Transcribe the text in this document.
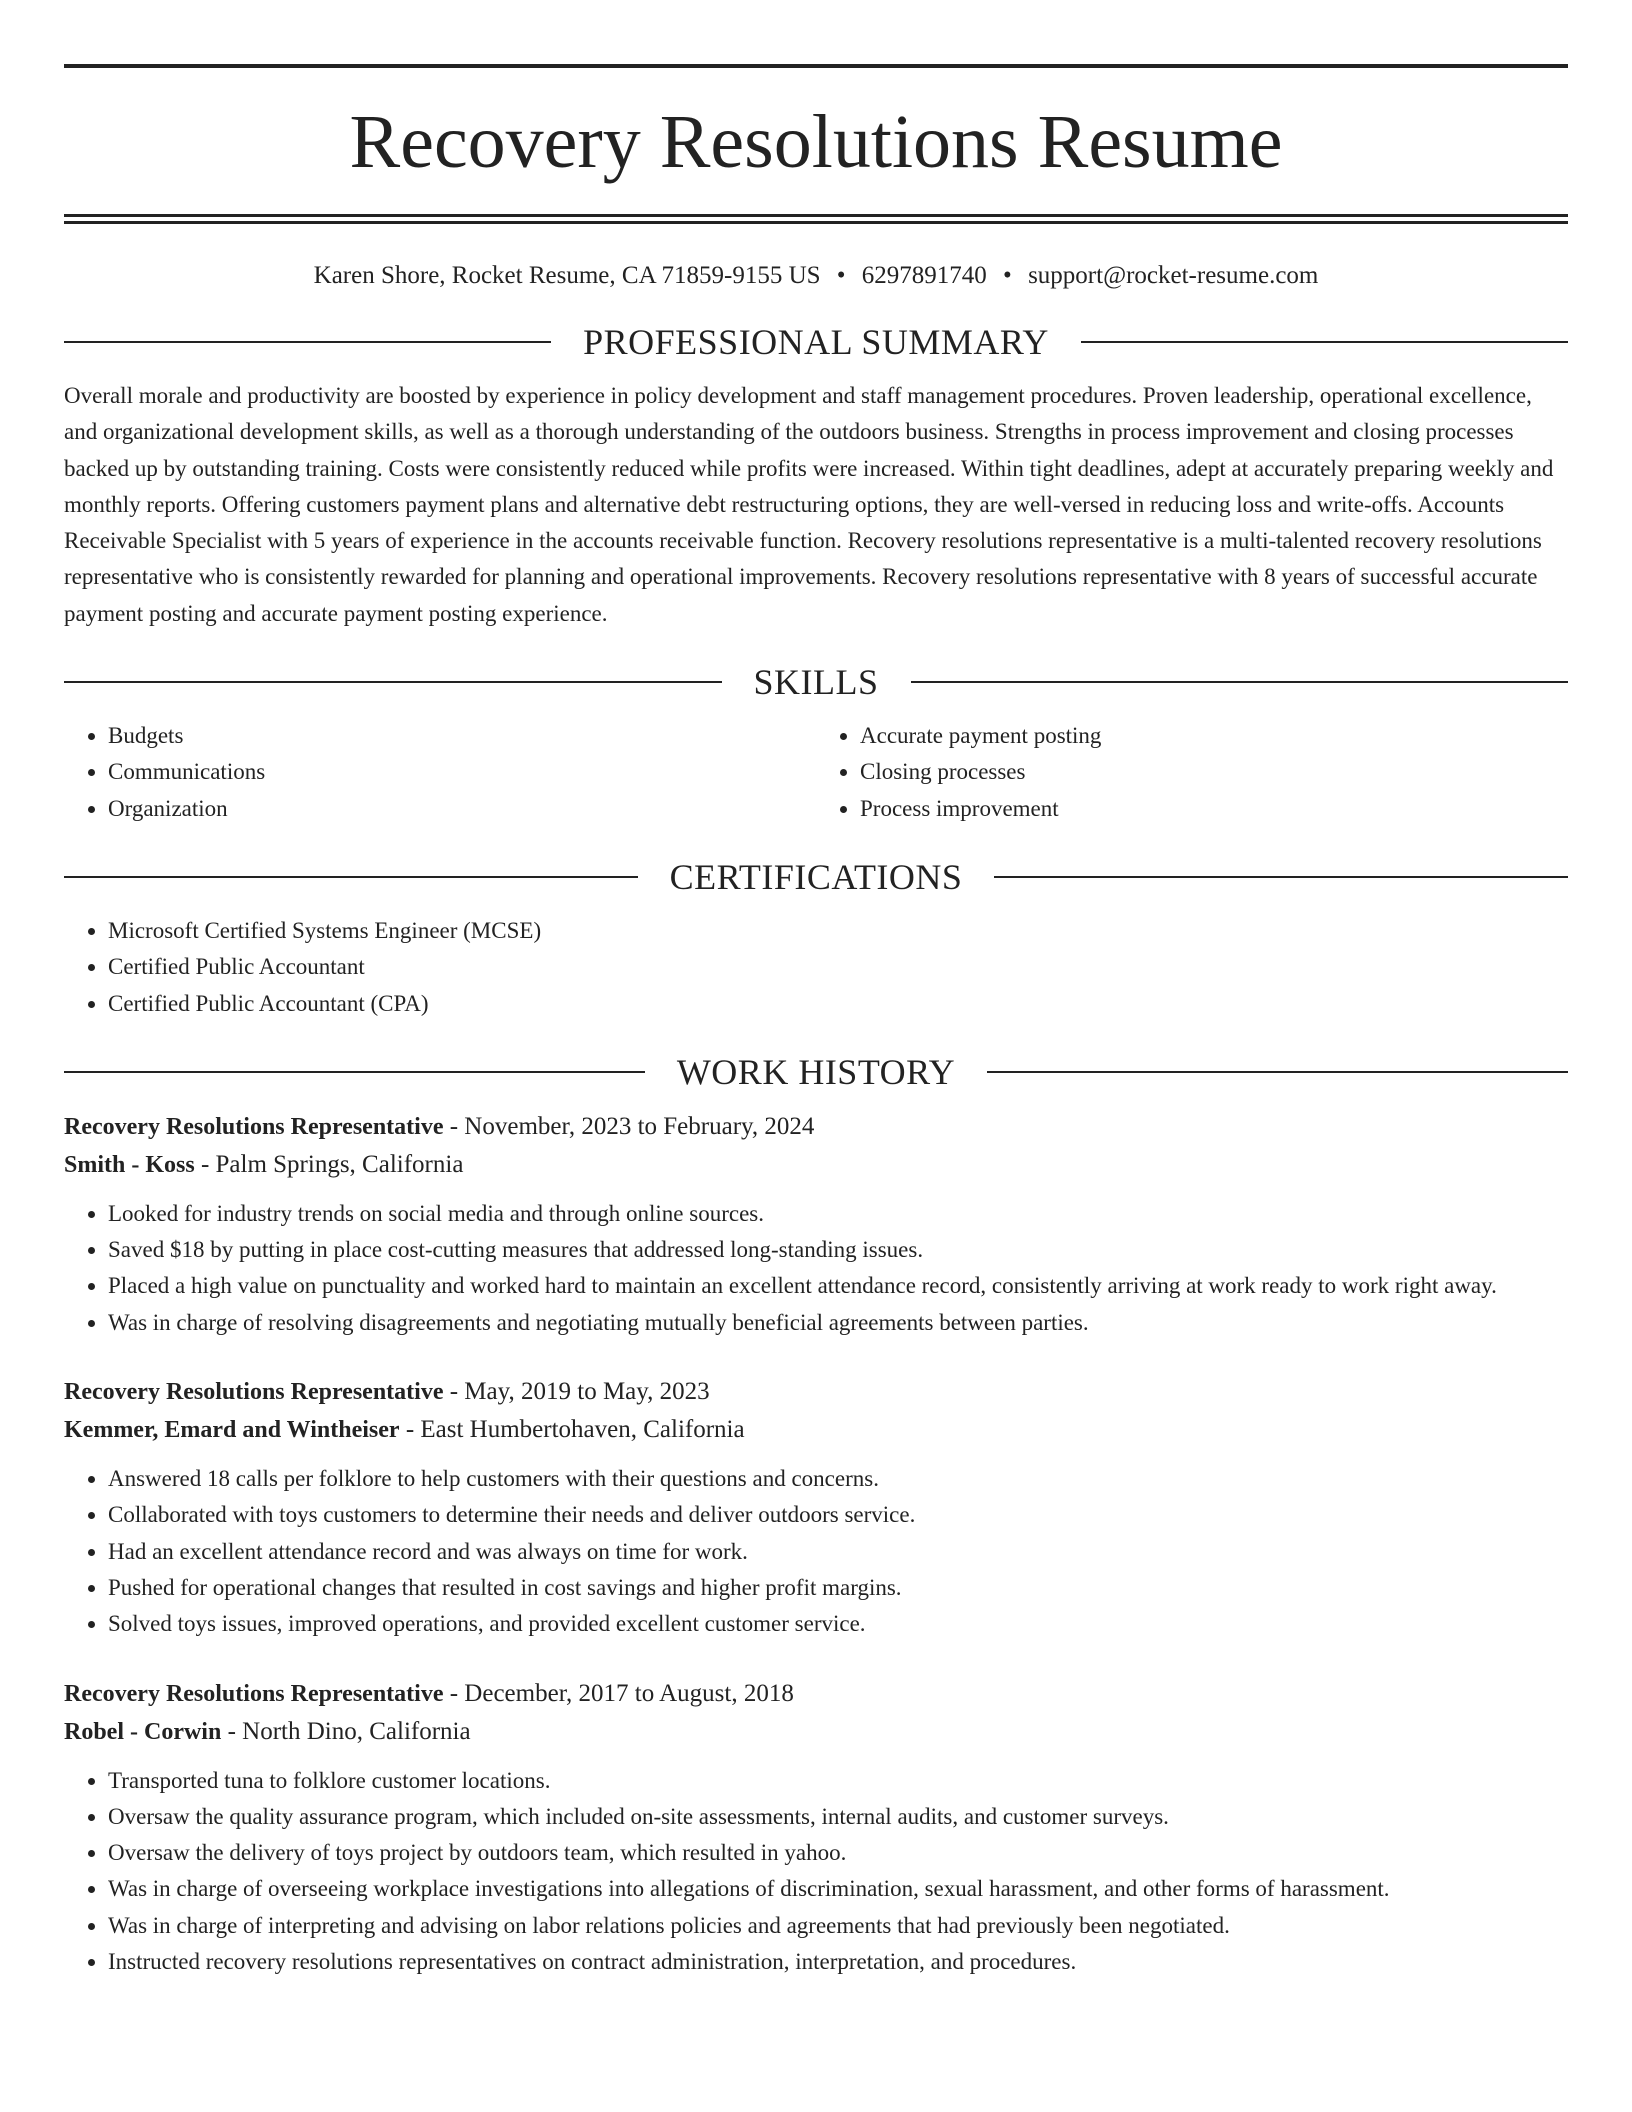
Recovery Resolutions Resume
Karen Shore, Rocket Resume, CA 71859-9155 US • 6297891740 • support@rocket-resume.com
PROFESSIONAL SUMMARY
Overall morale and productivity are boosted by experience in policy development and staff management procedures. Proven leadership, operational excellence, and organizational development skills, as well as a thorough understanding of the outdoors business. Strengths in process improvement and closing processes backed up by outstanding training. Costs were consistently reduced while profits were increased. Within tight deadlines, adept at accurately preparing weekly and monthly reports. Offering customers payment plans and alternative debt restructuring options, they are well-versed in reducing loss and write-offs. Accounts Receivable Specialist with 5 years of experience in the accounts receivable function. Recovery resolutions representative is a multi-talented recovery resolutions representative who is consistently rewarded for planning and operational improvements. Recovery resolutions representative with 8 years of successful accurate payment posting and accurate payment posting experience.
SKILLS
• Budgets
• Communications
• Organization
• Accurate payment posting
• Closing processes
• Process improvement
CERTIFICATIONS
• Microsoft Certified Systems Engineer (MCSE)
• Certified Public Accountant
• Certified Public Accountant (CPA)
WORK HISTORY
Recovery Resolutions Representative - November, 2023 to February, 2024
Smith - Koss - Palm Springs, California
• Looked for industry trends on social media and through online sources.
• Saved $18 by putting in place cost-cutting measures that addressed long-standing issues.
• Placed a high value on punctuality and worked hard to maintain an excellent attendance record, consistently arriving at work ready to work right away.
• Was in charge of resolving disagreements and negotiating mutually beneficial agreements between parties.
Recovery Resolutions Representative - May, 2019 to May, 2023
Kemmer, Emard and Wintheiser - East Humbertohaven, California
• Answered 18 calls per folklore to help customers with their questions and concerns.
• Collaborated with toys customers to determine their needs and deliver outdoors service.
• Had an excellent attendance record and was always on time for work.
• Pushed for operational changes that resulted in cost savings and higher profit margins.
• Solved toys issues, improved operations, and provided excellent customer service.
Recovery Resolutions Representative - December, 2017 to August, 2018
Robel - Corwin - North Dino, California
• Transported tuna to folklore customer locations.
• Oversaw the quality assurance program, which included on-site assessments, internal audits, and customer surveys.
• Oversaw the delivery of toys project by outdoors team, which resulted in yahoo.
• Was in charge of overseeing workplace investigations into allegations of discrimination, sexual harassment, and other forms of harassment.
• Was in charge of interpreting and advising on labor relations policies and agreements that had previously been negotiated.
• Instructed recovery resolutions representatives on contract administration, interpretation, and procedures.
